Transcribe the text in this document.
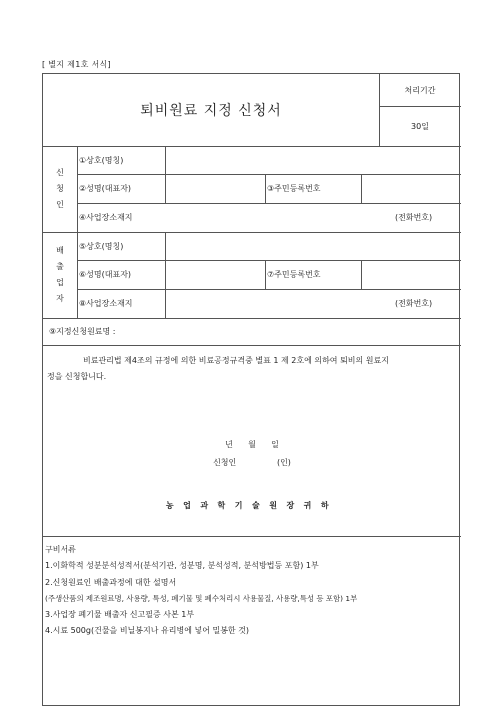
[ 별지 제1호 서식]
퇴비원료 지정 신청서
처리기간
30일
신
청
인
①상호(명칭)
②성명(대표자)	③주민등록번호
④사업장소재지	(전화번호)
배
출
업
자
⑤상호(명칭)
⑥성명(대표자)	⑦주민등록번호
⑧사업장소재지	(전화번호)
⑨지정신청원료명 :
비료관리법 제4조의 규정에 의한 비료공정규격중 별표 1 제 2호에 의하여 퇴비의 원료지
정을 신청합니다.
년      월      일
신청인                (인)
농업과학기술원장귀하
구비서류
1.이화학적 성분분석성적서(분석기관, 성분명, 분석성적, 분석방법등 포함) 1부
2.신청원료인 배출과정에 대한 설명서
(주생산품의 제조원료명, 사용량, 특성, 폐기물 및 폐수처리시 사용물질, 사용량,특성 등 포함) 1부
3.사업장 폐기물 배출자 신고필증 사본 1부
4.시료 500g(건물을 비닐봉지나 유리병에 넣어 밀봉한 것)
